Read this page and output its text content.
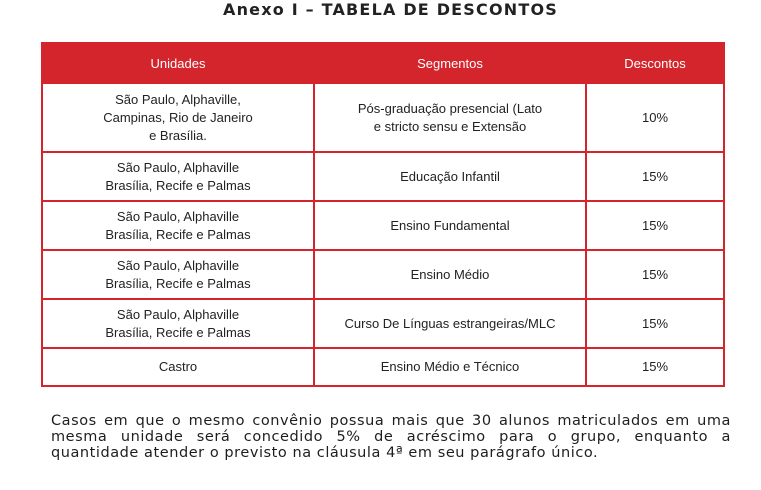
Anexo I – TABELA DE DESCONTOS
Unidades	Segmentos	Descontos
São Paulo, Alphaville,
Campinas, Rio de Janeiro
e Brasília.	Pós-graduação presencial (Lato
e stricto sensu e Extensão	10%
São Paulo, Alphaville
Brasília, Recife e Palmas	Educação Infantil	15%
São Paulo, Alphaville
Brasília, Recife e Palmas	Ensino Fundamental	15%
São Paulo, Alphaville
Brasília, Recife e Palmas	Ensino Médio	15%
São Paulo, Alphaville
Brasília, Recife e Palmas	Curso De Línguas estrangeiras/MLC	15%
Castro	Ensino Médio e Técnico	15%
Casos em que o mesmo convênio possua mais que 30 alunos matriculados em uma mesma unidade será concedido 5% de acréscimo para o grupo, enquanto a quantidade atender o previsto na cláusula 4ª em seu parágrafo único.
